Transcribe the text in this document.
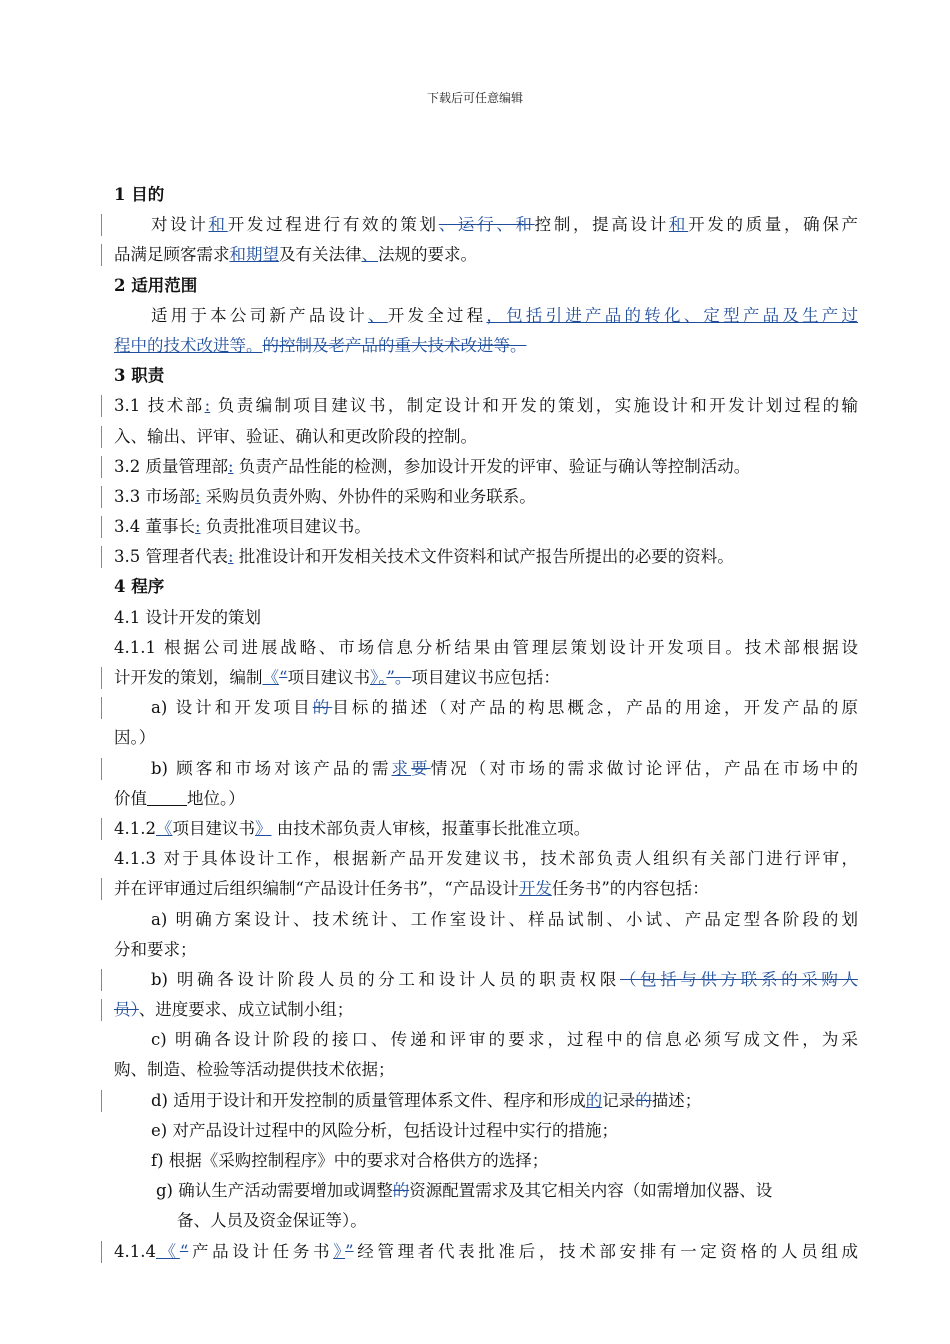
下载后可任意编辑
1 目的
对设计和开发过程进行有效的策划、运行、和控制，提高设计和开发的质量，确保产
品满足顾客需求和期望及有关法律、法规的要求。
2 适用范围
适用于本公司新产品设计、开发全过程，包括引进产品的转化、定型产品及生产过
程中的技术改进等。的控制及老产品的重大技术改进等。
3 职责
3.1 技术部: 负责编制项目建议书，制定设计和开发的策划，实施设计和开发计划过程的输
入、输出、评审、验证、确认和更改阶段的控制。
3.2 质量管理部: 负责产品性能的检测，参加设计开发的评审、验证与确认等控制活动。
3.3 市场部: 采购员负责外购、外协件的采购和业务联系。
3.4 董事长: 负责批准项目建议书。
3.5 管理者代表: 批准设计和开发相关技术文件资料和试产报告所提出的必要的资料。
4 程序
4.1 设计开发的策划
4.1.1 根据公司进展战略、市场信息分析结果由管理层策划设计开发项目。技术部根据设
计开发的策划，编制《“项目建议书》。”。项目建议书应包括：
a) 设计和开发项目的目标的描述（对产品的构思概念，产品的用途，开发产品的原
因。）
b) 顾客和市场对该产品的需求要情况（对市场的需求做讨论评估，产品在市场中的
价值 地位。）
4.1.2《项目建议书》 由技术部负责人审核，报董事长批准立项。
4.1.3 对于具体设计工作，根据新产品开发建议书，技术部负责人组织有关部门进行评审，
并在评审通过后组织编制“产品设计任务书”，“产品设计开发任务书”的内容包括：
a) 明确方案设计、技术统计、工作室设计、样品试制、小试、产品定型各阶段的划
分和要求；
b) 明确各设计阶段人员的分工和设计人员的职责权限（包括与供方联系的采购人
员）、进度要求、成立试制小组；
c) 明确各设计阶段的接口、传递和评审的要求，过程中的信息必须写成文件，为采
购、制造、检验等活动提供技术依据；
d) 适用于设计和开发控制的质量管理体系文件、程序和形成的记录的描述；
e) 对产品设计过程中的风险分析，包括设计过程中实行的措施；
f) 根据《采购控制程序》中的要求对合格供方的选择；
g) 确认生产活动需要增加或调整的资源配置需求及其它相关内容（如需增加仪器、设
备、人员及资金保证等）。
4.1.4《“产品设计任务书》”经管理者代表批准后，技术部安排有一定资格的人员组成
